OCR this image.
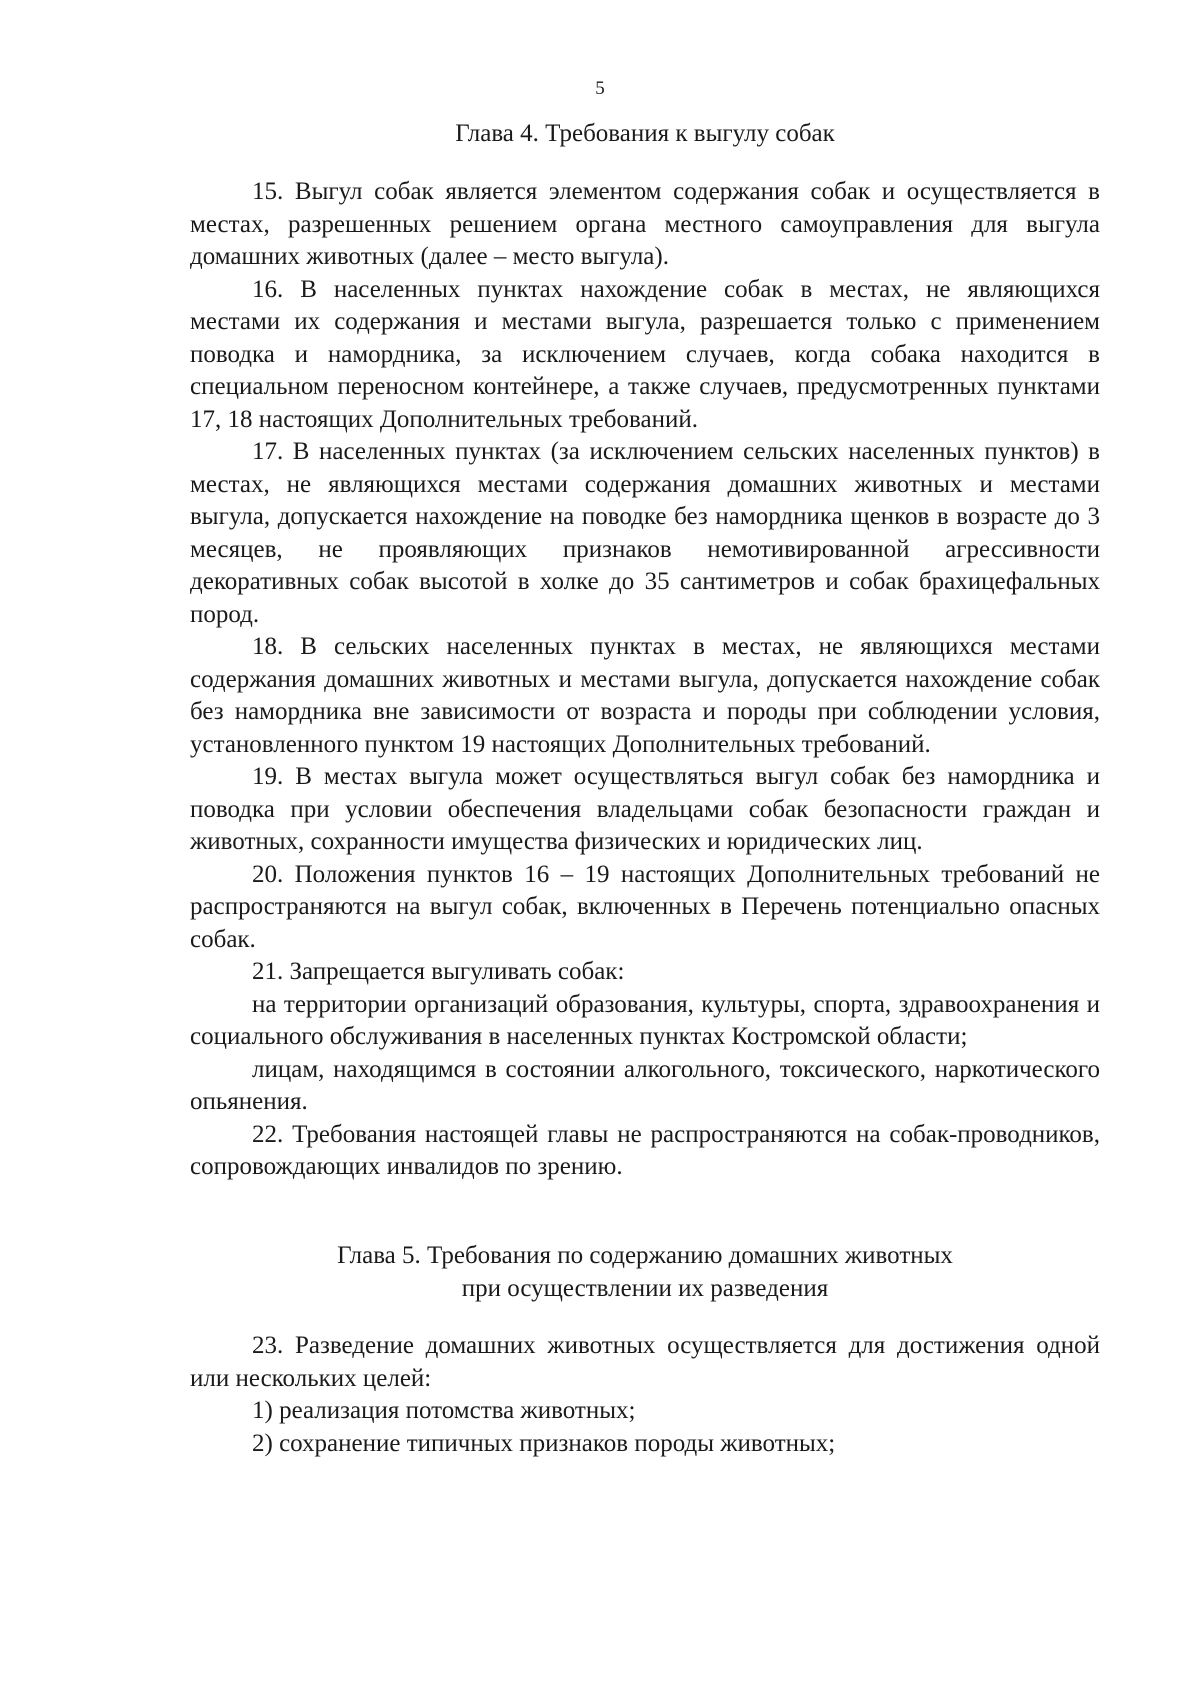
5
Глава 4. Требования к выгулу собак

15. Выгул собак является элементом содержания собак и осуществляется в местах, разрешенных решением органа местного самоуправления для выгула домашних животных (далее – место выгула).

16. В населенных пунктах нахождение собак в местах, не являющихся местами их содержания и местами выгула, разрешается только с применением поводка и намордника, за исключением случаев, когда собака находится в специальном переносном контейнере, а также случаев, предусмотренных пунктами 17, 18 настоящих Дополнительных требований.

17. В населенных пунктах (за исключением сельских населенных пунктов) в местах, не являющихся местами содержания домашних животных и местами выгула, допускается нахождение на поводке без намордника щенков в возрасте до 3 месяцев, не проявляющих признаков немотивированной агрессивности декоративных собак высотой в холке до 35 сантиметров и собак брахицефальных пород.

18. В сельских населенных пунктах в местах, не являющихся местами содержания домашних животных и местами выгула, допускается нахождение собак без намордника вне зависимости от возраста и породы при соблюдении условия, установленного пунктом 19 настоящих Дополнительных требований.

19. В местах выгула может осуществляться выгул собак без намордника и поводка при условии обеспечения владельцами собак безопасности граждан и животных, сохранности имущества физических и юридических лиц.

20. Положения пунктов 16 – 19 настоящих Дополнительных требований не распространяются на выгул собак, включенных в Перечень потенциально опасных собак.

21. Запрещается выгуливать собак:

на территории организаций образования, культуры, спорта, здравоохранения и социального обслуживания в населенных пунктах Костромской области;

лицам, находящимся в состоянии алкогольного, токсического, наркотического опьянения.

22. Требования настоящей главы не распространяются на собак-проводников, сопровождающих инвалидов по зрению.

Глава 5. Требования по содержанию домашних животных
при осуществлении их разведения

23. Разведение домашних животных осуществляется для достижения одной или нескольких целей:

1) реализация потомства животных;

2) сохранение типичных признаков породы животных;
